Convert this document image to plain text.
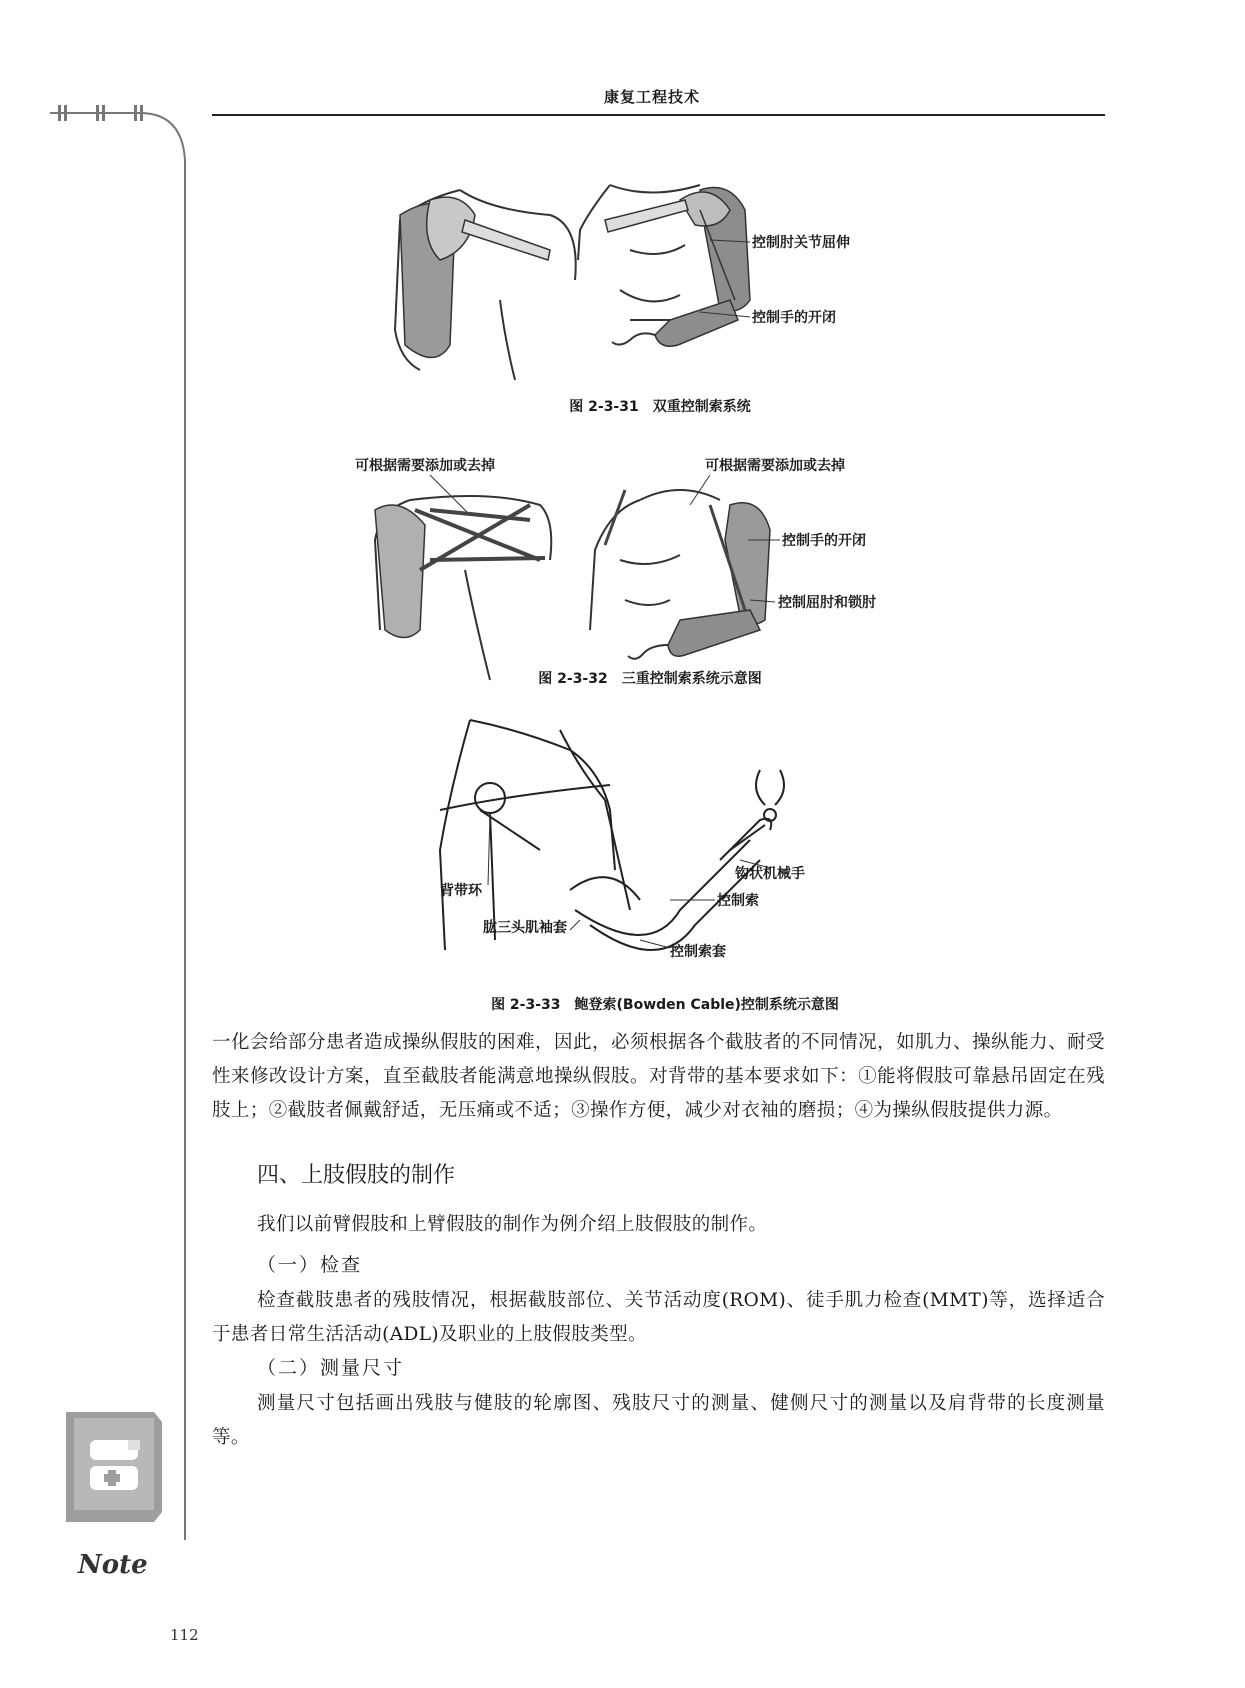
康复工程技术
控制肘关节屈伸
控制手的开闭
图 2-3-31　双重控制索系统
可根据需要添加或去掉	可根据需要添加或去掉
控制手的开闭
控制屈肘和锁肘
图 2-3-32　三重控制索系统示意图
钩状机械手
背带环
控制索
肱三头肌袖套
控制索套
图 2-3-33　鲍登索(Bowden Cable)控制系统示意图

一化会给部分患者造成操纵假肢的困难，因此，必须根据各个截肢者的不同情况，如肌力、操纵能力、耐受性来修改设计方案，直至截肢者能满意地操纵假肢。对背带的基本要求如下：①能将假肢可靠悬吊固定在残肢上；②截肢者佩戴舒适，无压痛或不适；③操作方便，减少对衣袖的磨损；④为操纵假肢提供力源。

四、上肢假肢的制作

我们以前臂假肢和上臂假肢的制作为例介绍上肢假肢的制作。

（一）检查

检查截肢患者的残肢情况，根据截肢部位、关节活动度(ROM)、徒手肌力检查(MMT)等，选择适合于患者日常生活活动(ADL)及职业的上肢假肢类型。

（二）测量尺寸

测量尺寸包括画出残肢与健肢的轮廓图、残肢尺寸的测量、健侧尺寸的测量以及肩背带的长度测量等。

Note
112
